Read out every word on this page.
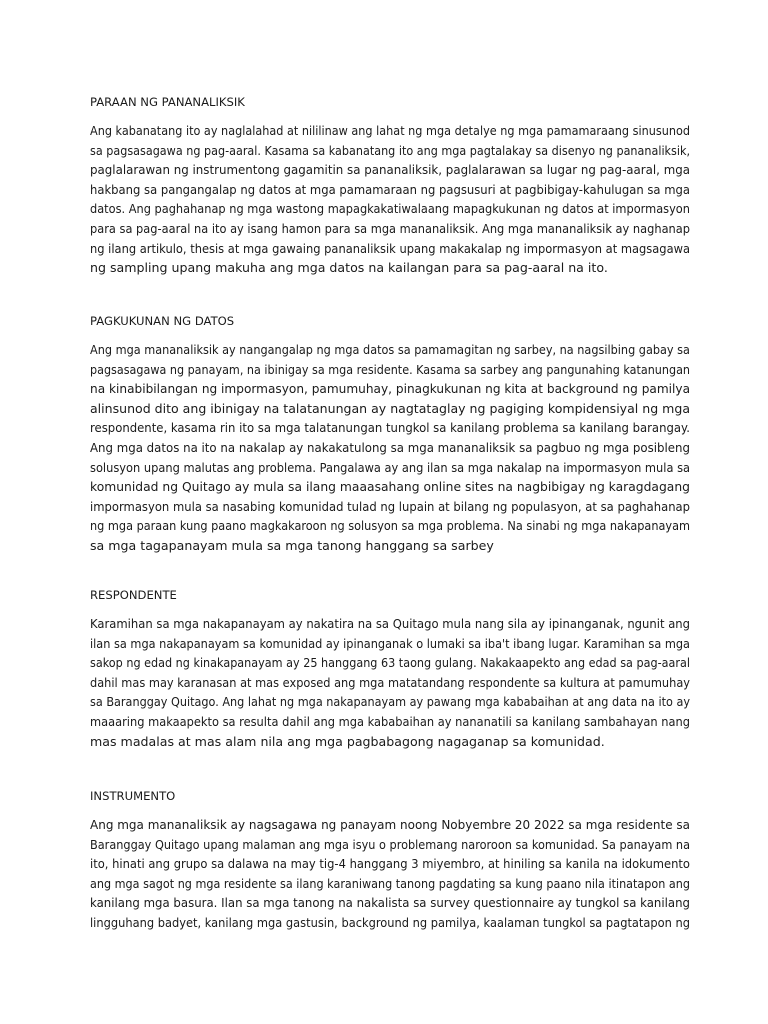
PARAAN NG PANANALIKSIK
Ang kabanatang ito ay naglalahad at nililinaw ang lahat ng mga detalye ng mga pamamaraang sinusunod
sa pagsasagawa ng pag-aaral. Kasama sa kabanatang ito ang mga pagtalakay sa disenyo ng pananaliksik,
paglalarawan ng instrumentong gagamitin sa pananaliksik, paglalarawan sa lugar ng pag-aaral, mga
hakbang sa pangangalap ng datos at mga pamamaraan ng pagsusuri at pagbibigay-kahulugan sa mga
datos. Ang paghahanap ng mga wastong mapagkakatiwalaang mapagkukunan ng datos at impormasyon
para sa pag-aaral na ito ay isang hamon para sa mga mananaliksik. Ang mga mananaliksik ay naghanap
ng ilang artikulo, thesis at mga gawaing pananaliksik upang makakalap ng impormasyon at magsagawa
ng sampling upang makuha ang mga datos na kailangan para sa pag-aaral na ito.
PAGKUKUNAN NG DATOS
Ang mga mananaliksik ay nangangalap ng mga datos sa pamamagitan ng sarbey, na nagsilbing gabay sa
pagsasagawa ng panayam, na ibinigay sa mga residente. Kasama sa sarbey ang pangunahing katanungan
na kinabibilangan ng impormasyon, pamumuhay, pinagkukunan ng kita at background ng pamilya
alinsunod dito ang ibinigay na talatanungan ay nagtataglay ng pagiging kompidensiyal ng mga
respondente, kasama rin ito sa mga talatanungan tungkol sa kanilang problema sa kanilang barangay.
Ang mga datos na ito na nakalap ay nakakatulong sa mga mananaliksik sa pagbuo ng mga posibleng
solusyon upang malutas ang problema. Pangalawa ay ang ilan sa mga nakalap na impormasyon mula sa
komunidad ng Quitago ay mula sa ilang maaasahang online sites na nagbibigay ng karagdagang
impormasyon mula sa nasabing komunidad tulad ng lupain at bilang ng populasyon, at sa paghahanap
ng mga paraan kung paano magkakaroon ng solusyon sa mga problema. Na sinabi ng mga nakapanayam
sa mga tagapanayam mula sa mga tanong hanggang sa sarbey
RESPONDENTE
Karamihan sa mga nakapanayam ay nakatira na sa Quitago mula nang sila ay ipinanganak, ngunit ang
ilan sa mga nakapanayam sa komunidad ay ipinanganak o lumaki sa iba't ibang lugar. Karamihan sa mga
sakop ng edad ng kinakapanayam ay 25 hanggang 63 taong gulang. Nakakaapekto ang edad sa pag-aaral
dahil mas may karanasan at mas exposed ang mga matatandang respondente sa kultura at pamumuhay
sa Baranggay Quitago. Ang lahat ng mga nakapanayam ay pawang mga kababaihan at ang data na ito ay
maaaring makaapekto sa resulta dahil ang mga kababaihan ay nananatili sa kanilang sambahayan nang
mas madalas at mas alam nila ang mga pagbabagong nagaganap sa komunidad.
INSTRUMENTO
Ang mga mananaliksik ay nagsagawa ng panayam noong Nobyembre 20 2022 sa mga residente sa
Baranggay Quitago upang malaman ang mga isyu o problemang naroroon sa komunidad. Sa panayam na
ito, hinati ang grupo sa dalawa na may tig-4 hanggang 3 miyembro, at hiniling sa kanila na idokumento
ang mga sagot ng mga residente sa ilang karaniwang tanong pagdating sa kung paano nila itinatapon ang
kanilang mga basura. Ilan sa mga tanong na nakalista sa survey questionnaire ay tungkol sa kanilang
lingguhang badyet, kanilang mga gastusin, background ng pamilya, kaalaman tungkol sa pagtatapon ng
